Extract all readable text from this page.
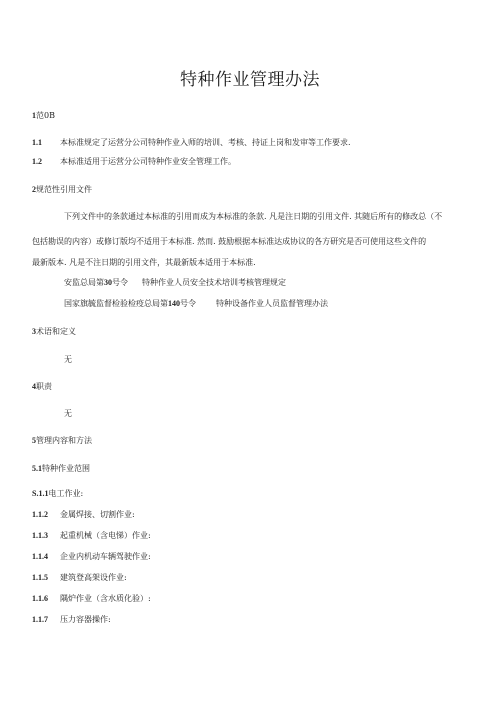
特种作业管理办法
1范0B
1.1 本标准规定了运营分公司特种作业入师的培训、考核、持证上岗和发审等工作要求.
1.2 本标准适用于运营分公司特种作业安全管理工作。
2规范性引用文件
下列文件中的条款通过本标准的引用而成为本标准的条款. 凡是注日期的引用文件. 其随后所有的修改总（不
包括勘误的内容）或修订版均不适用于本标准. 然而. 鼓励根据本标准达成协议的各方研究是否可使用这些文件的
最新版本. 凡是不注日期的引用文件，其最新版本适用于本标准.
安监总局第30号令 特种作业人员安全技术培训考核管理规定
国家旗毓监督检验检疫总局第140号令	特种设备作业人员监督管理办法
3术语和定义
无
4职责
无
5管理内容和方法
5.1特种作业范围
S.1.1电工作业:
1.1.2 金属焊接、切割作业:
1.1.3 起重机械（含电悌）作业:
1.1.4 企业内机动车辆驾驶作业:
1.1.5 建筑登高架设作业:
1.1.6 隅炉作业（含水质化验）:
1.1.7 压力容器操作:
